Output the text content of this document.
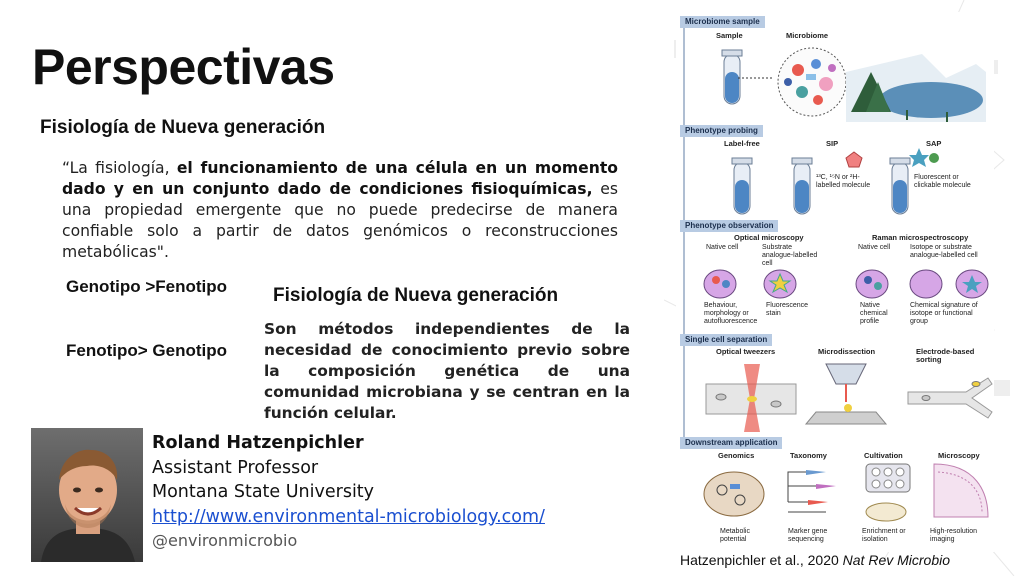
Perspectivas
Fisiología de Nueva generación
“La fisiología, el funcionamiento de una célula en un momento dado y en un conjunto dado de condiciones fisioquímicas, es una propiedad emergente que no puede predecirse de manera confiable solo a partir de datos genómicos o reconstrucciones metabólicas".
Genotipo >Fenotipo Fisiología de Nueva generación
Fenotipo> Genotipo
Son métodos independientes de la necesidad de conocimiento previo sobre la composición genética de una comunidad microbiana y se centran en la función celular.
Roland Hatzenpichler
Assistant Professor
Montana State University
http://www.environmental-microbiology.com/
@environmicrobio
Microbiome sample
Phenotype probing
Phenotype observation
Single cell separation
Downstream application
Sample	Microbiome
Label-free	SIP	SAP
¹³C, ¹⁵N or ²H-labelled molecule
Fluorescent or clickable molecule
Optical microscopy	Raman microspectroscopy
Native cell	Substrate analogue-labelled cell
Native cell	Isotope or substrate analogue-labelled cell
Behaviour, morphology or autofluorescence
Fluorescence stain
Native chemical profile
Chemical signature of isotope or functional group
Optical tweezers	Microdissection	Electrode-based sorting
Genomics	Taxonomy	Cultivation	Microscopy
Metabolic potential
Marker gene sequencing
Enrichment or isolation
High-resolution imaging
Hatzenpichler et al., 2020 Nat Rev Microbio
